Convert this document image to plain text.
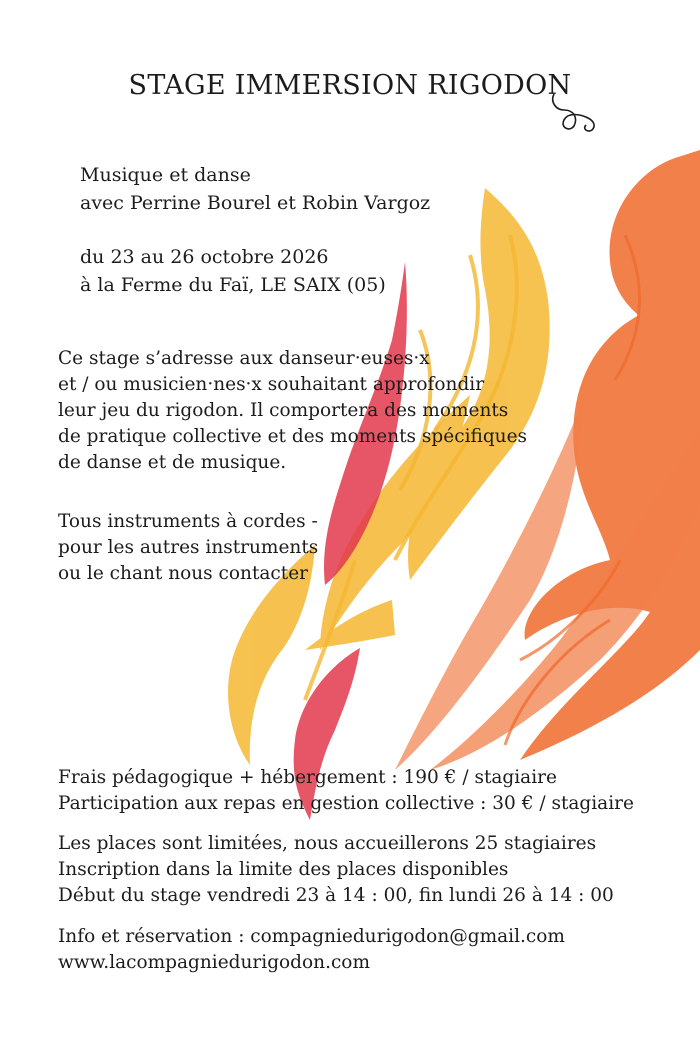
STAGE IMMERSION RIGODON

Musique et danse

avec Perrine Bourel et Robin Vargoz

du 23 au 26 octobre 2026

à la Ferme du Faï, LE SAIX (05)

Ce stage s’adresse aux danseur·euses·x

et / ou musicien·nes·x souhaitant approfondir

leur jeu du rigodon. Il comportera des moments

de pratique collective et des moments spécifiques

de danse et de musique.

Tous instruments à cordes -

pour les autres instruments

ou le chant nous contacter

Frais pédagogique + hébergement : 190 € / stagiaire

Participation aux repas en gestion collective : 30 € / stagiaire

Les places sont limitées, nous accueillerons 25 stagiaires

Inscription dans la limite des places disponibles

Début du stage vendredi 23 à 14 : 00, fin lundi 26 à 14 : 00

Info et réservation : compagniedurigodon@gmail.com

www.lacompagniedurigodon.com
